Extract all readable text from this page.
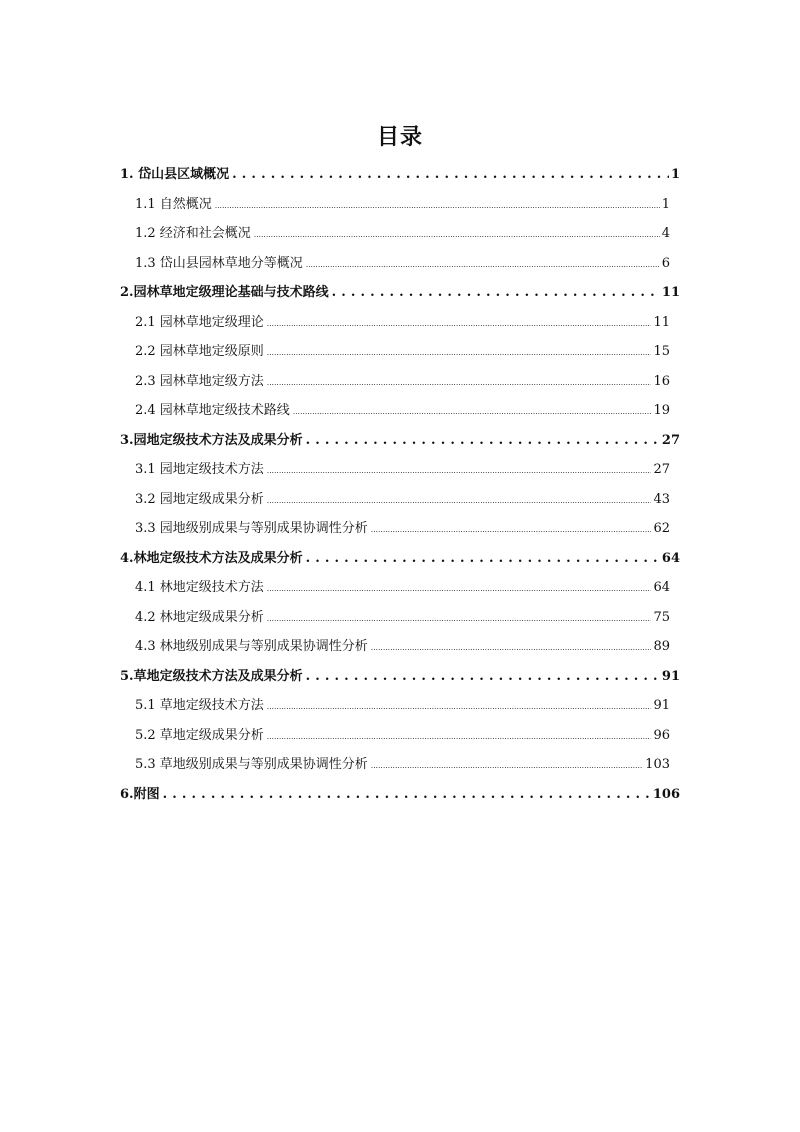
目录
1. 岱山县区域概况 . . .	1
1.1 自然概况 .....	1
1.2 经济和社会概况 .....	4
1.3 岱山县园林草地分等概况 .....	6
2.园林草地定级理论基础与技术路线 . . .	11
2.1 园林草地定级理论 .....	11
2.2 园林草地定级原则 .....	15
2.3 园林草地定级方法 .....	16
2.4 园林草地定级技术路线 .....	19
3.园地定级技术方法及成果分析 . . .	27
3.1 园地定级技术方法 .....	27
3.2 园地定级成果分析 .....	43
3.3 园地级别成果与等别成果协调性分析 .....	62
4.林地定级技术方法及成果分析 . . .	64
4.1 林地定级技术方法 .....	64
4.2 林地定级成果分析 .....	75
4.3 林地级别成果与等别成果协调性分析 .....	89
5.草地定级技术方法及成果分析 . . .	91
5.1 草地定级技术方法 .....	91
5.2 草地定级成果分析 .....	96
5.3 草地级别成果与等别成果协调性分析 .....	103
6.附图 . . .	106
